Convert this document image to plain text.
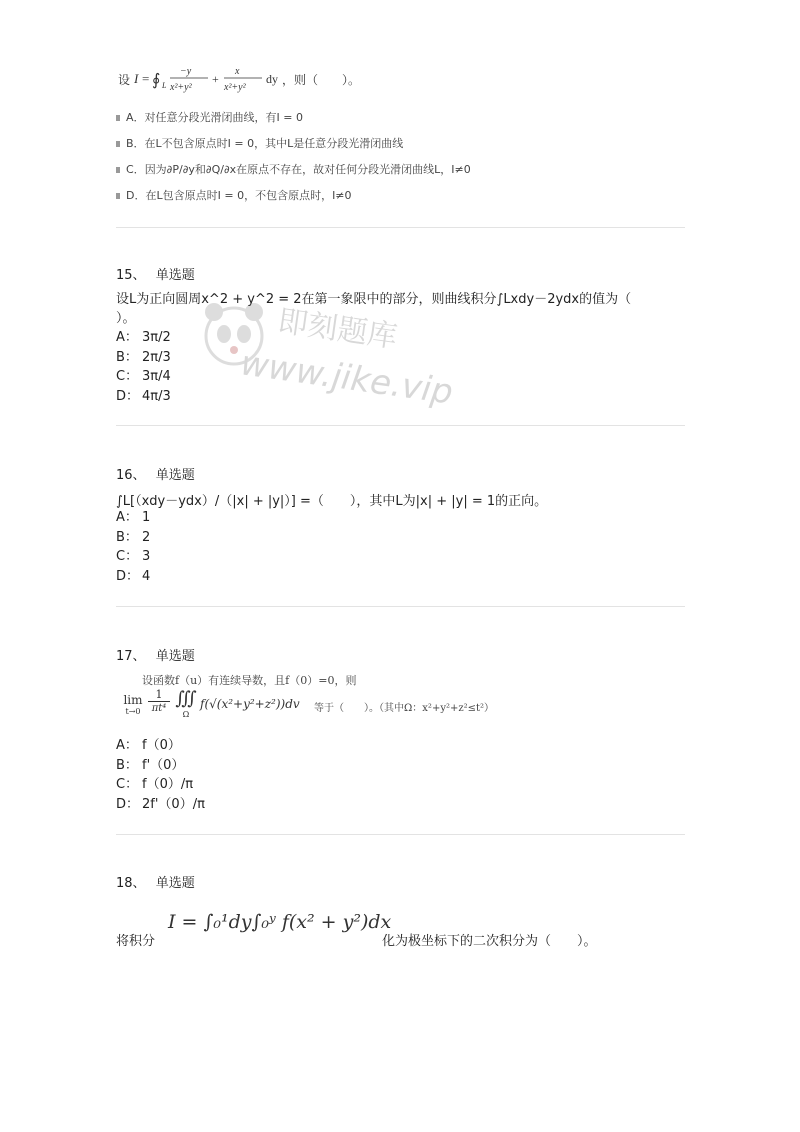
设 I = ∮ L
−y
x²+y²
+
x
x²+y²
dy ，则（　　）。
A．对任意分段光滑闭曲线，有I = 0
B．在L不包含原点时I = 0，其中L是任意分段光滑闭曲线
C．因为∂P/∂y和∂Q/∂x在原点不存在，故对任何分段光滑闭曲线L，I≠0
D．在L包含原点时I = 0，不包含原点时，I≠0
15、 单选题
设L为正向圆周x^2 + y^2 = 2在第一象限中的部分，则曲线积分∫Lxdy－2ydx的值为（
）。
A： 3π/2
B： 2π/3
C： 3π/4
D： 4π/3
即刻题库
www.jike.vip
16、 单选题
∫L[（xdy－ydx）/（|x| + |y|）] =（　　），其中L为|x| + |y| = 1的正向。
A： 1
B： 2
C： 3
D： 4
17、 单选题
设函数f（u）有连续导数，且f（0）=0，则
lim
$t\to 0 \frac{1}{\text{πt⁴}}$ ∭
Ω
f(√(x²+y²+z²))dv 等于（　　）。（其中Ω：x²+y²+z²≤t²）
A： f（0）
B： f'（0）
C： f（0）/π
D： 2f'（0）/π
18、 单选题
将积分
I = ∫₀¹dy∫₀ʸ f(x² + y²)dx
化为极坐标下的二次积分为（　　）。
